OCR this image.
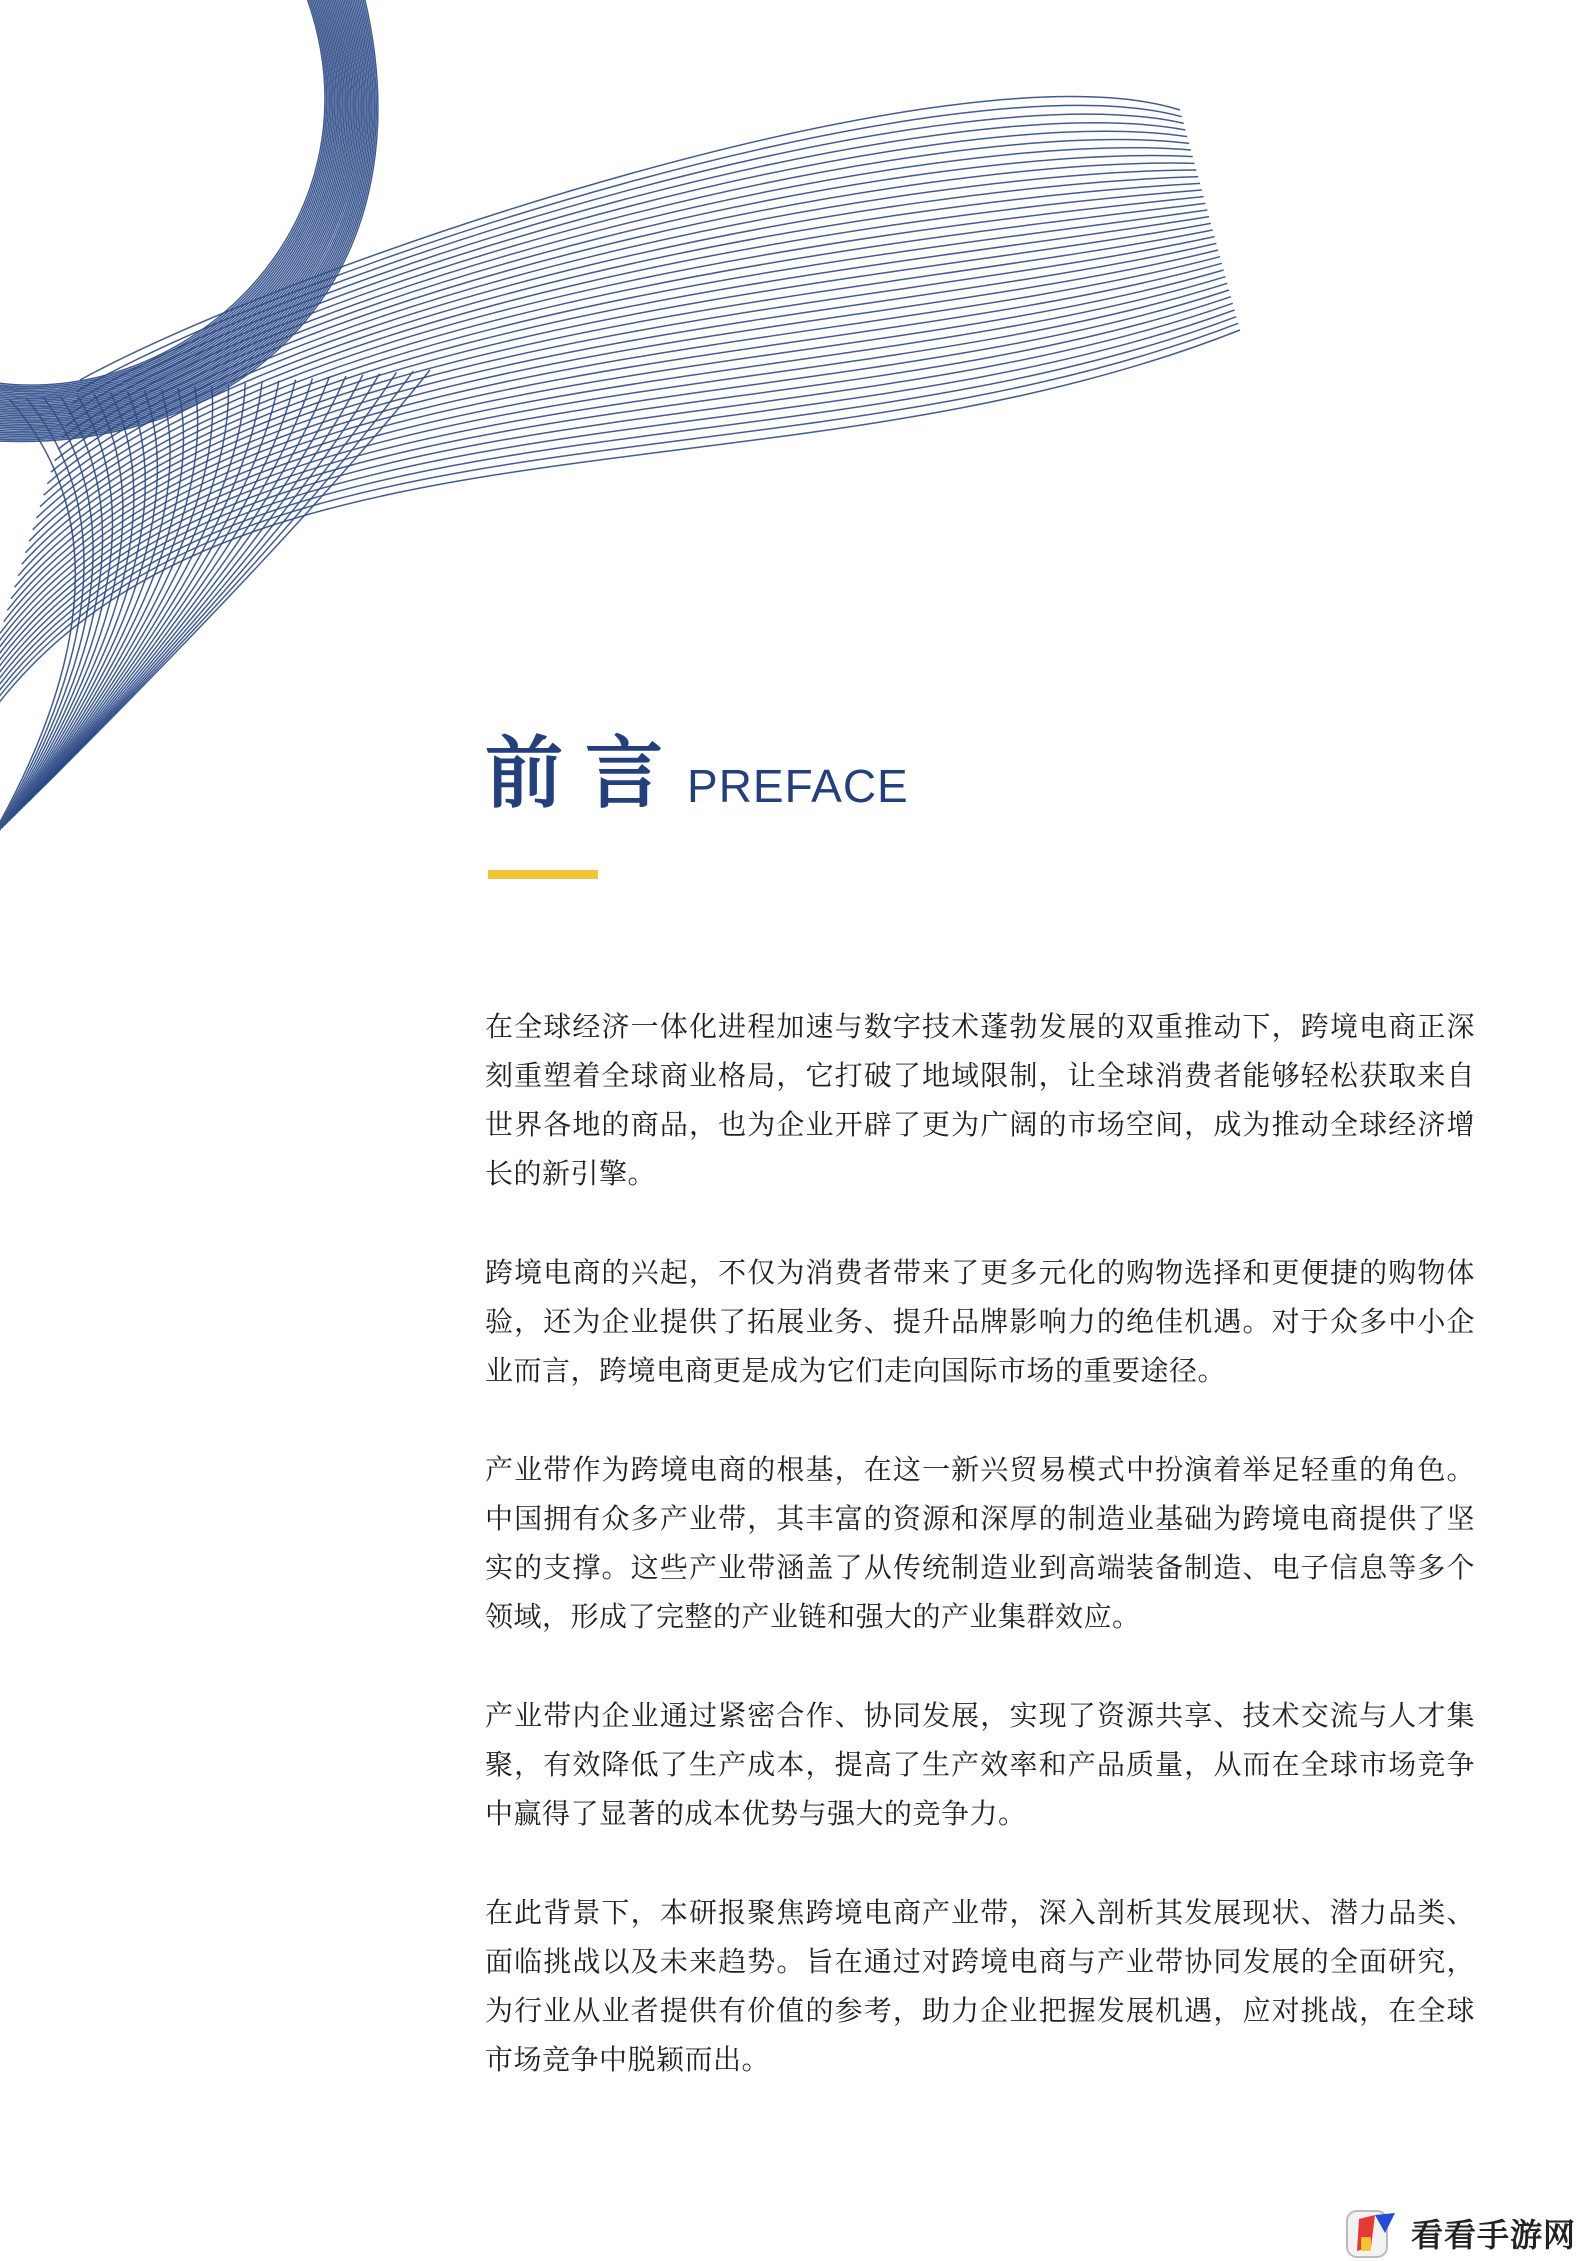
前言 PREFACE

在全球经济一体化进程加速与数字技术蓬勃发展的双重推动下，跨境电商正深刻重塑着全球商业格局，它打破了地域限制，让全球消费者能够轻松获取来自世界各地的商品，也为企业开辟了更为广阔的市场空间，成为推动全球经济增长的新引擎。

跨境电商的兴起，不仅为消费者带来了更多元化的购物选择和更便捷的购物体验，还为企业提供了拓展业务、提升品牌影响力的绝佳机遇。对于众多中小企业而言，跨境电商更是成为它们走向国际市场的重要途径。

产业带作为跨境电商的根基，在这一新兴贸易模式中扮演着举足轻重的角色。中国拥有众多产业带，其丰富的资源和深厚的制造业基础为跨境电商提供了坚实的支撑。这些产业带涵盖了从传统制造业到高端装备制造、电子信息等多个领域，形成了完整的产业链和强大的产业集群效应。

产业带内企业通过紧密合作、协同发展，实现了资源共享、技术交流与人才集聚，有效降低了生产成本，提高了生产效率和产品质量，从而在全球市场竞争中赢得了显著的成本优势与强大的竞争力。

在此背景下，本研报聚焦跨境电商产业带，深入剖析其发展现状、潜力品类、面临挑战以及未来趋势。旨在通过对跨境电商与产业带协同发展的全面研究，为行业从业者提供有价值的参考，助力企业把握发展机遇，应对挑战，在全球市场竞争中脱颖而出。

看看手游网
